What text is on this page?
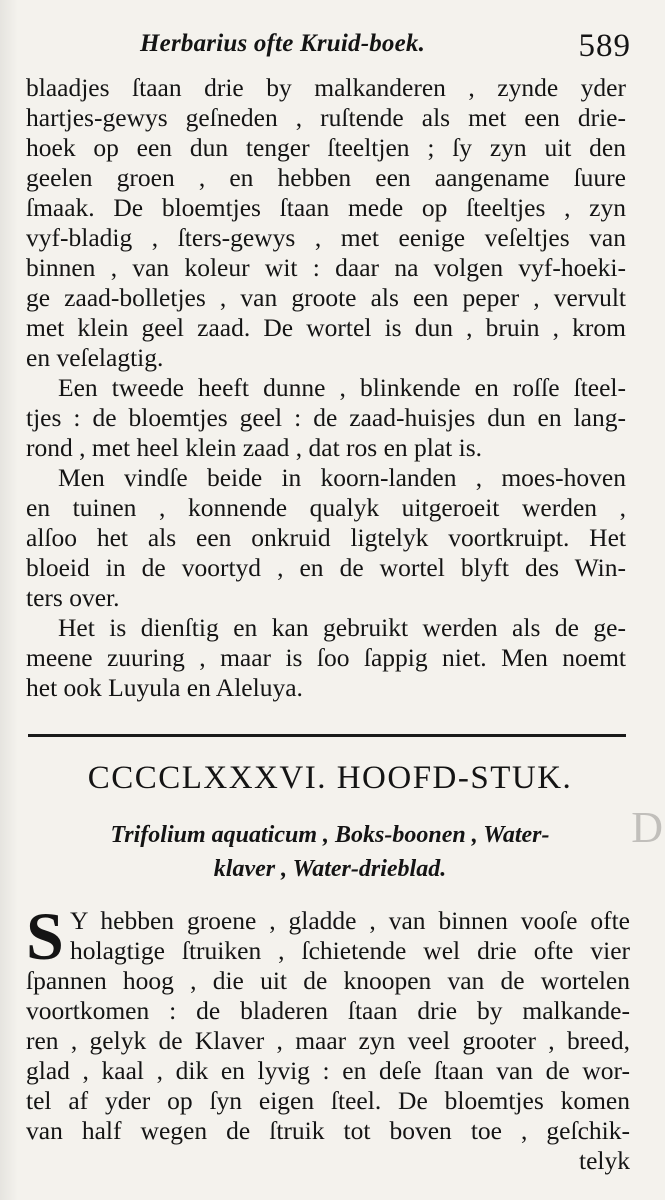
Herbarius ofte Kruid-boek.	589
blaadjes ſtaan drie by malkanderen , zynde yder
hartjes-gewys geſneden , ruſtende als met een drie-
hoek op een dun tenger ſteeltjen ; ſy zyn uit den
geelen groen , en hebben een aangename ſuure
ſmaak. De bloemtjes ſtaan mede op ſteeltjes , zyn
vyf-bladig , ſters-gewys , met eenige veſeltjes van
binnen , van koleur wit : daar na volgen vyf-hoeki-
ge zaad-bolletjes , van groote als een peper , vervult
met klein geel zaad. De wortel is dun , bruin , krom
en veſelagtig.
Een tweede heeft dunne , blinkende en roſſe ſteel-
tjes : de bloemtjes geel : de zaad-huisjes dun en lang-
rond , met heel klein zaad , dat ros en plat is.
Men vindſe beide in koorn-landen , moes-hoven
en tuinen , konnende qualyk uitgeroeit werden ,
alſoo het als een onkruid ligtelyk voortkruipt. Het
bloeid in de voortyd , en de wortel blyft des Win-
ters over.
Het is dienſtig en kan gebruikt werden als de ge-
meene zuuring , maar is ſoo ſappig niet. Men noemt
het ook Luyula en Aleluya.
CCCCLXXXVI. HOOFD-STUK.
Trifolium aquaticum , Boks-boonen , Water-
klaver , Water-drieblad.
D
S Y hebben groene , gladde , van binnen vooſe ofte
holagtige ſtruiken , ſchietende wel drie ofte vier
ſpannen hoog , die uit de knoopen van de wortelen
voortkomen : de bladeren ſtaan drie by malkande-
ren , gelyk de Klaver , maar zyn veel grooter , breed,
glad , kaal , dik en lyvig : en deſe ſtaan van de wor-
tel af yder op ſyn eigen ſteel. De bloemtjes komen
van half wegen de ſtruik tot boven toe , geſchik-
telyk
